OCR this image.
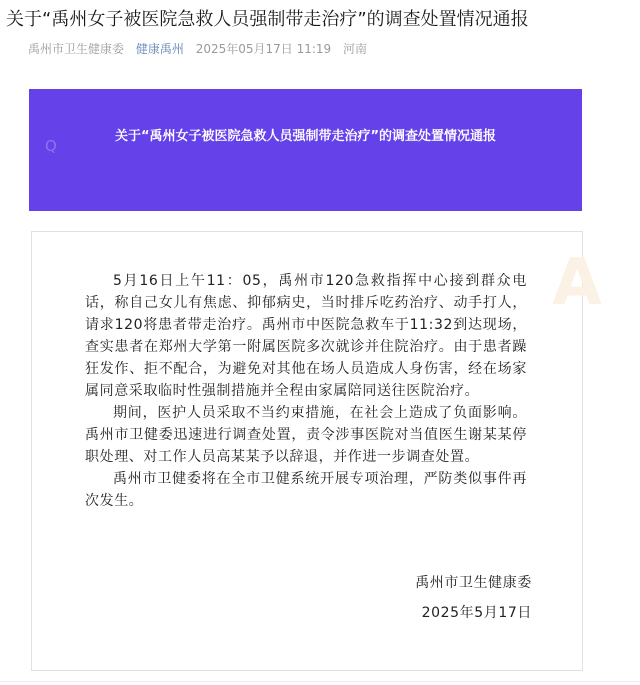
关于“禹州女子被医院急救人员强制带走治疗”的调查处置情况通报
禹州市卫生健康委 健康禹州 2025年05月17日 11:19 河南
Q
关于“禹州女子被医院急救人员强制带走治疗”的调查处置情况通报
A

5月16日上午11：05，禹州市120急救指挥中心接到群众电话，称自己女儿有焦虑、抑郁病史，当时排斥吃药治疗、动手打人，请求120将患者带走治疗。禹州市中医院急救车于11:32到达现场，查实患者在郑州大学第一附属医院多次就诊并住院治疗。由于患者躁狂发作、拒不配合，为避免对其他在场人员造成人身伤害，经在场家属同意采取临时性强制措施并全程由家属陪同送往医院治疗。

期间，医护人员采取不当约束措施，在社会上造成了负面影响。禹州市卫健委迅速进行调查处置，责令涉事医院对当值医生谢某某停职处理、对工作人员高某某予以辞退，并作进一步调查处置。

禹州市卫健委将在全市卫健系统开展专项治理，严防类似事件再次发生。

禹州市卫生健康委
2025年5月17日
